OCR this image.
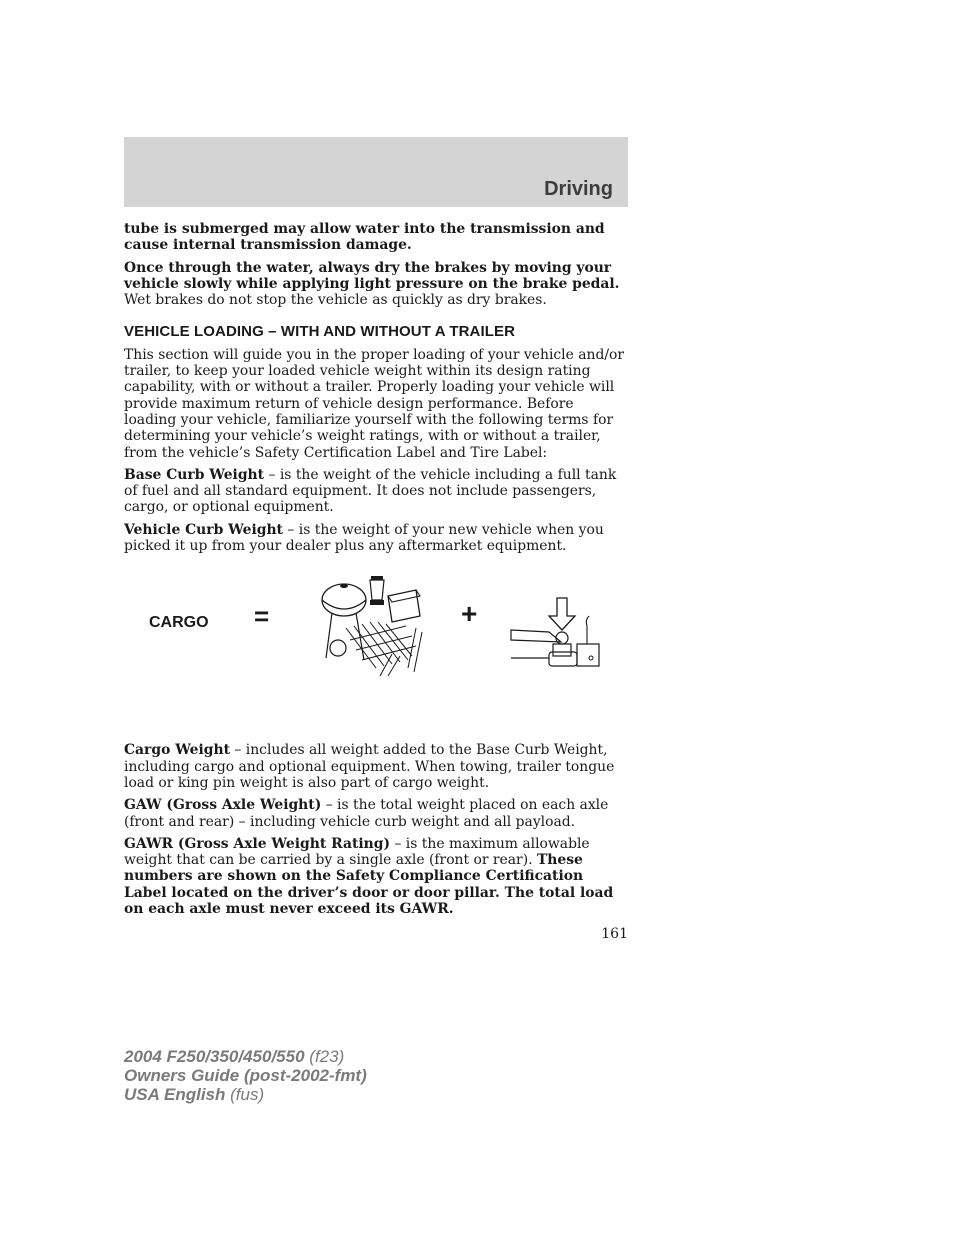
Driving

tube is submerged may allow water into the transmission and cause internal transmission damage.

Once through the water, always dry the brakes by moving your vehicle slowly while applying light pressure on the brake pedal. Wet brakes do not stop the vehicle as quickly as dry brakes.

VEHICLE LOADING – WITH AND WITHOUT A TRAILER

This section will guide you in the proper loading of your vehicle and/or trailer, to keep your loaded vehicle weight within its design rating capability, with or without a trailer. Properly loading your vehicle will provide maximum return of vehicle design performance. Before loading your vehicle, familiarize yourself with the following terms for determining your vehicle’s weight ratings, with or without a trailer, from the vehicle’s Safety Certification Label and Tire Label:

Base Curb Weight – is the weight of the vehicle including a full tank of fuel and all standard equipment. It does not include passengers, cargo, or optional equipment.

Vehicle Curb Weight – is the weight of your new vehicle when you picked it up from your dealer plus any aftermarket equipment.

CARGO =	+

Cargo Weight – includes all weight added to the Base Curb Weight, including cargo and optional equipment. When towing, trailer tongue load or king pin weight is also part of cargo weight.

GAW (Gross Axle Weight) – is the total weight placed on each axle (front and rear) – including vehicle curb weight and all payload.

GAWR (Gross Axle Weight Rating) – is the maximum allowable weight that can be carried by a single axle (front or rear). These numbers are shown on the Safety Compliance Certification Label located on the driver’s door or door pillar. The total load on each axle must never exceed its GAWR.

161
2004 F250/350/450/550 (f23)
Owners Guide (post-2002-fmt)
USA English (fus)
